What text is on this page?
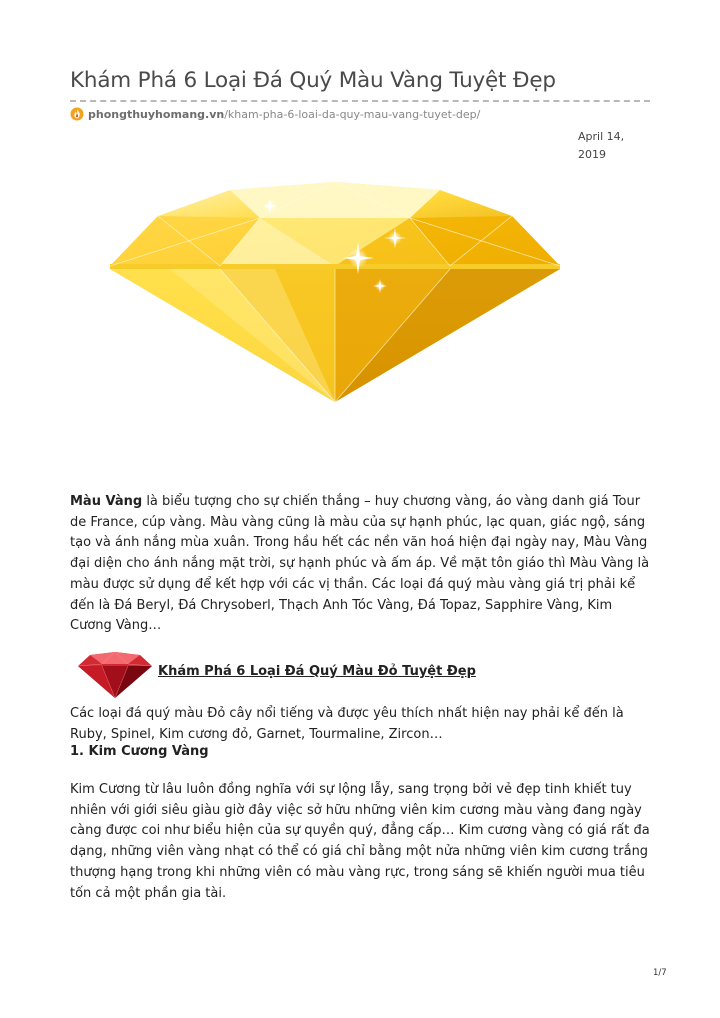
Khám Phá 6 Loại Đá Quý Màu Vàng Tuyệt Đẹp
phongthuyhomang.vn /kham-pha-6-loai-da-quy-mau-vang-tuyet-dep/
April 14,
2019

Màu Vàng là biểu tượng cho sự chiến thắng – huy chương vàng, áo vàng danh giá Tour de France, cúp vàng. Màu vàng cũng là màu của sự hạnh phúc, lạc quan, giác ngộ, sáng tạo và ánh nắng mùa xuân. Trong hầu hết các nền văn hoá hiện đại ngày nay, Màu Vàng đại diện cho ánh nắng mặt trời, sự hạnh phúc và ấm áp. Về mặt tôn giáo thì Màu Vàng là màu được sử dụng để kết hợp với các vị thần. Các loại đá quý màu vàng giá trị phải kể đến là Đá Beryl, Đá Chrysoberl, Thạch Anh Tóc Vàng, Đá Topaz, Sapphire Vàng, Kim Cương Vàng…

Khám Phá 6 Loại Đá Quý Màu Đỏ Tuyệt Đẹp

Các loại đá quý màu Đỏ cây nổi tiếng và được yêu thích nhất hiện nay phải kể đến là Ruby, Spinel, Kim cương đỏ, Garnet, Tourmaline, Zircon…

1. Kim Cương Vàng

Kim Cương từ lâu luôn đồng nghĩa với sự lộng lẫy, sang trọng bởi vẻ đẹp tinh khiết tuy nhiên với giới siêu giàu giờ đây việc sở hữu những viên kim cương màu vàng đang ngày càng được coi như biểu hiện của sự quyền quý, đẳng cấp… Kim cương vàng có giá rất đa dạng, những viên vàng nhạt có thể có giá chỉ bằng một nửa những viên kim cương trắng thượng hạng trong khi những viên có màu vàng rực, trong sáng sẽ khiến người mua tiêu tốn cả một phần gia tài.

1/7
